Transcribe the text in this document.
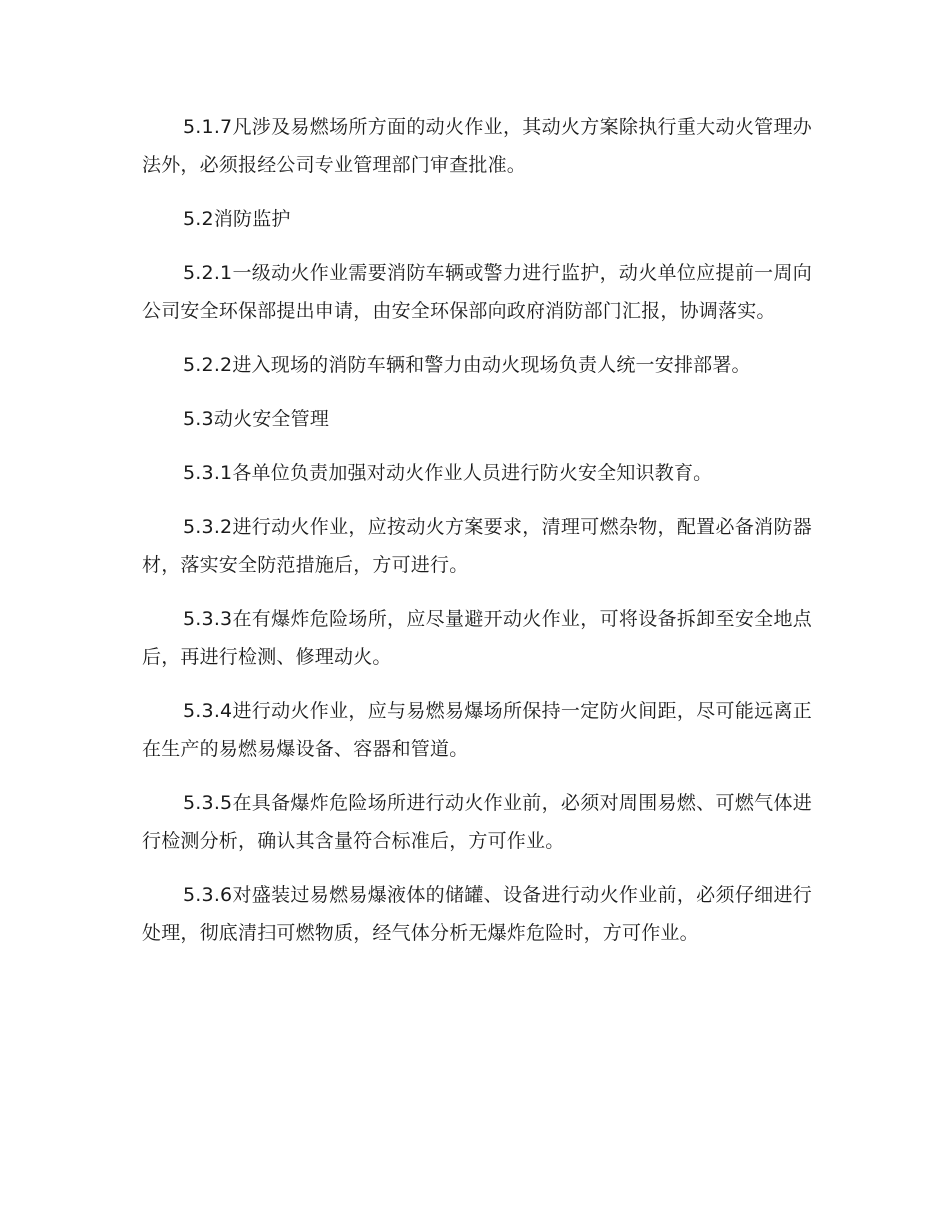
5.1.7凡涉及易燃场所方面的动火作业，其动火方案除执行重大动火管理办法外，必须报经公司专业管理部门审查批准。

5.2消防监护

5.2.1一级动火作业需要消防车辆或警力进行监护，动火单位应提前一周向公司安全环保部提出申请，由安全环保部向政府消防部门汇报，协调落实。

5.2.2进入现场的消防车辆和警力由动火现场负责人统一安排部署。

5.3动火安全管理

5.3.1各单位负责加强对动火作业人员进行防火安全知识教育。

5.3.2进行动火作业，应按动火方案要求，清理可燃杂物，配置必备消防器材，落实安全防范措施后，方可进行。

5.3.3在有爆炸危险场所，应尽量避开动火作业，可将设备拆卸至安全地点后，再进行检测、修理动火。

5.3.4进行动火作业，应与易燃易爆场所保持一定防火间距，尽可能远离正在生产的易燃易爆设备、容器和管道。

5.3.5在具备爆炸危险场所进行动火作业前，必须对周围易燃、可燃气体进行检测分析，确认其含量符合标准后，方可作业。

5.3.6对盛装过易燃易爆液体的储罐、设备进行动火作业前，必须仔细进行处理，彻底清扫可燃物质，经气体分析无爆炸危险时，方可作业。
